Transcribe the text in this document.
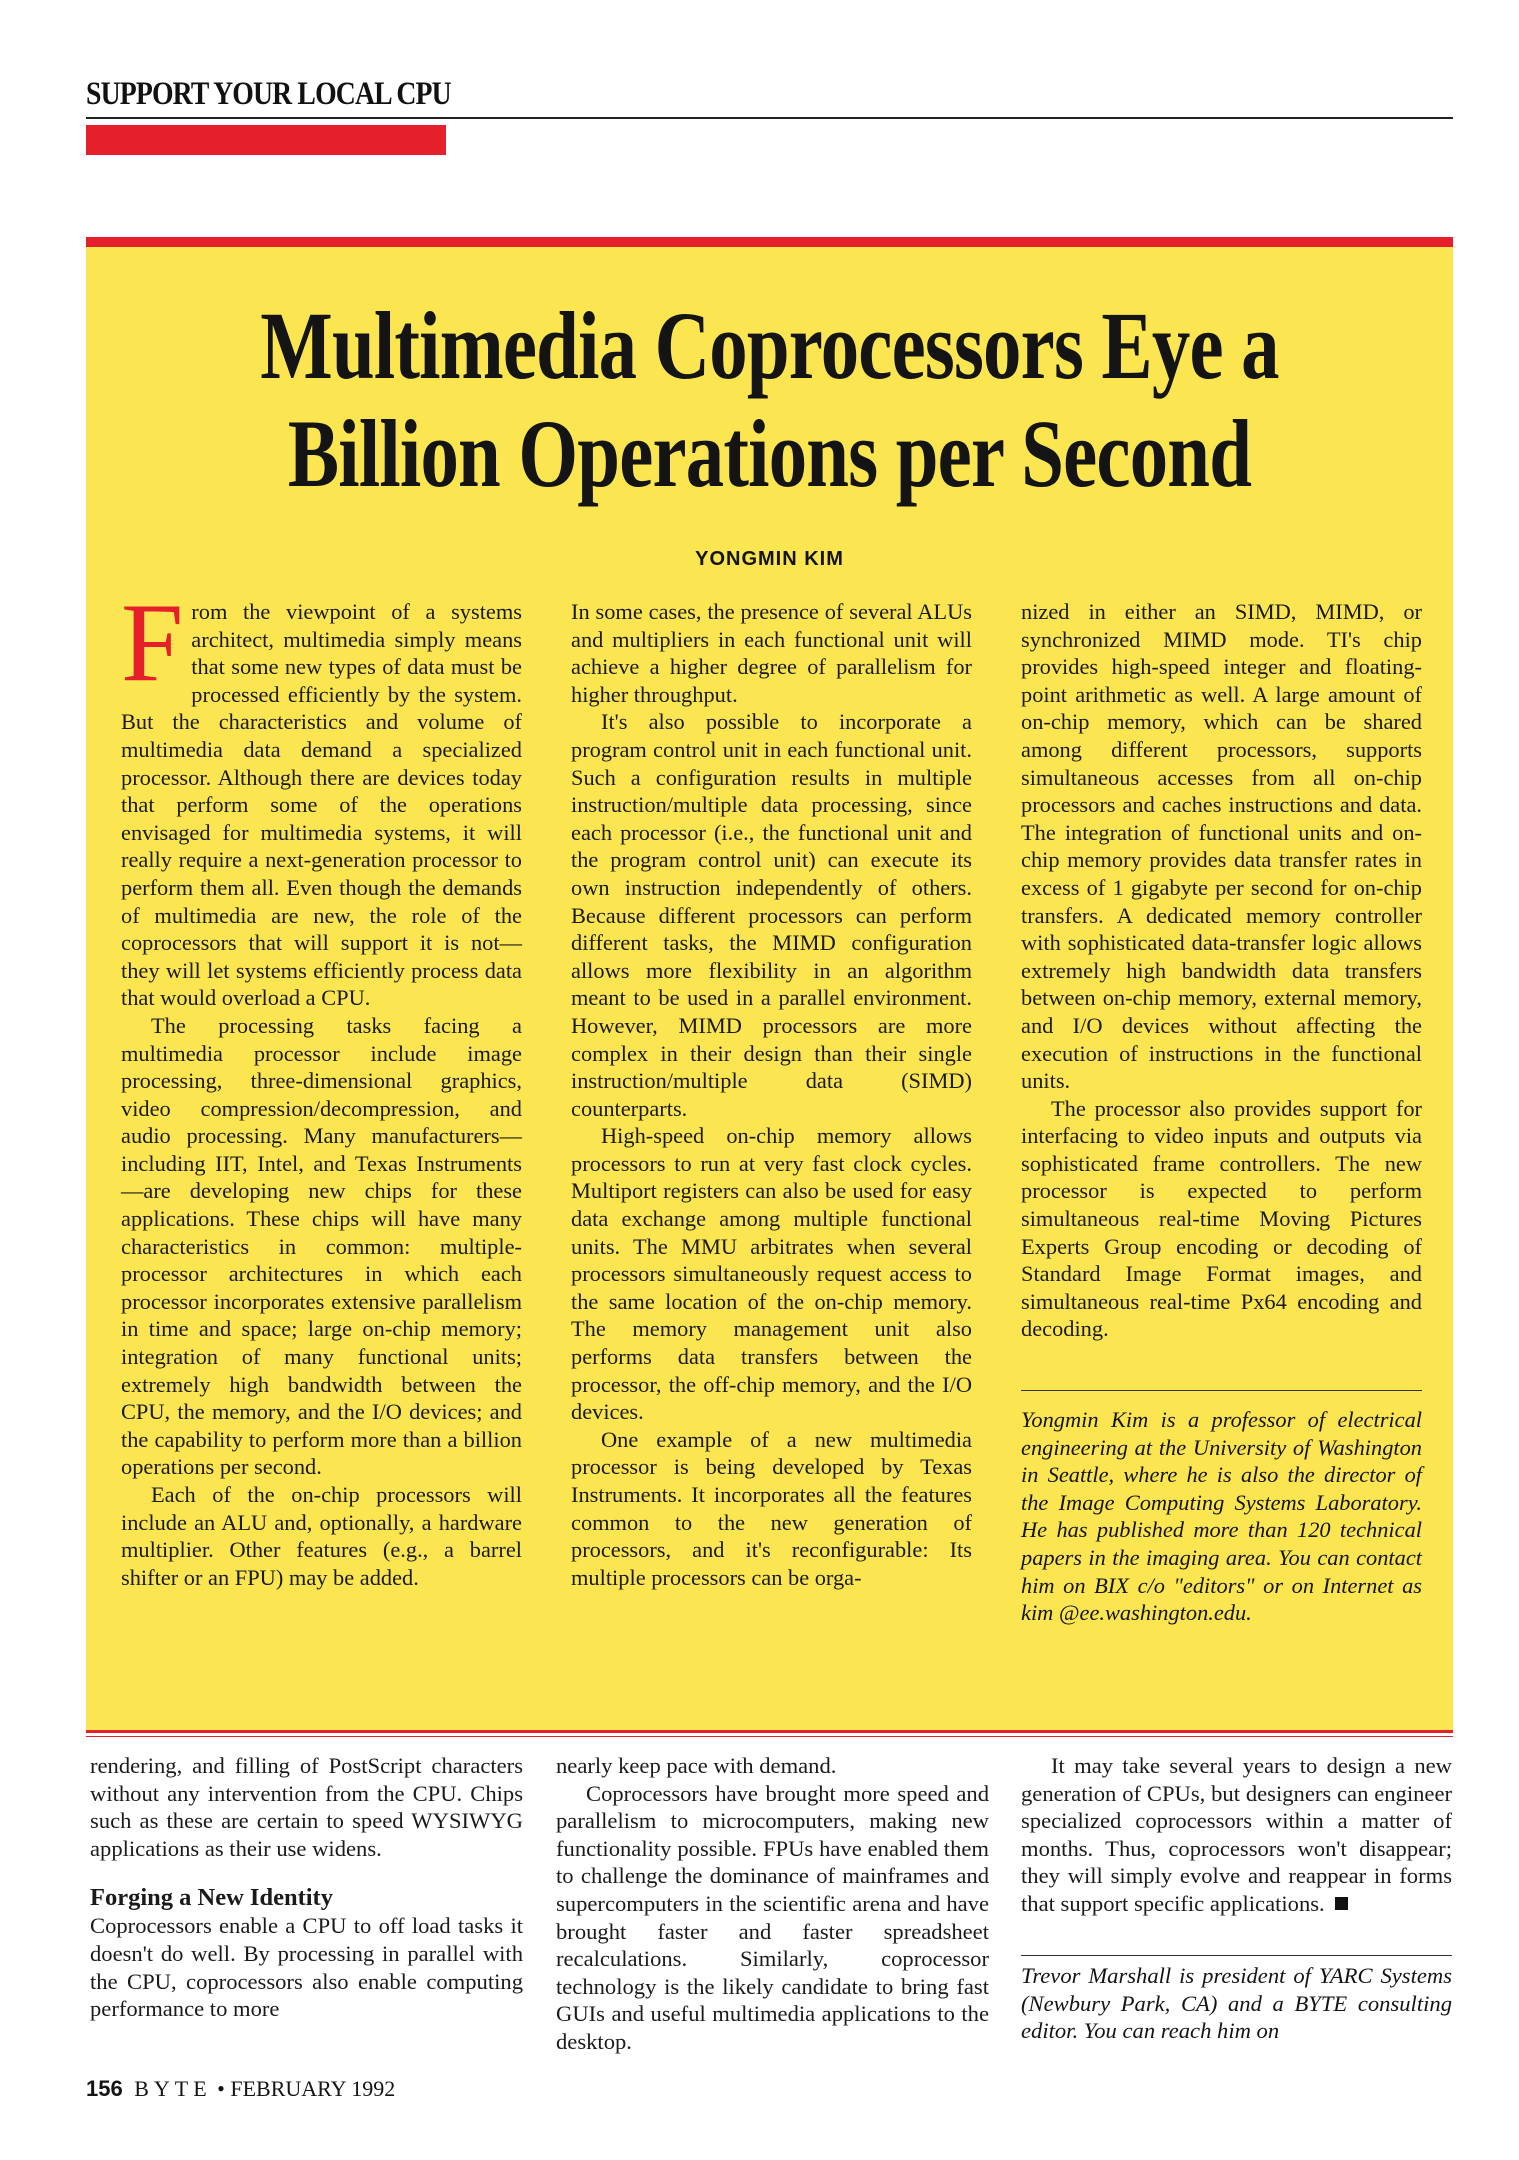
SUPPORT YOUR LOCAL CPU
Multimedia Coprocessors Eye a
Billion Operations per Second
YONGMIN KIM

From the viewpoint of a systems architect, multimedia simply means that some new types of data must be processed efficiently by the system. But the characteristics and volume of multimedia data demand a specialized processor. Although there are devices today that perform some of the operations envisaged for multimedia systems, it will really require a next-generation processor to perform them all. Even though the demands of multimedia are new, the role of the coprocessors that will support it is not—they will let systems efficiently process data that would overload a CPU.

The processing tasks facing a multimedia processor include image processing, three-dimensional graphics, video compression/decompression, and audio processing. Many manufacturers—including IIT, Intel, and Texas Instruments—are developing new chips for these applications. These chips will have many characteristics in common: multiple-processor architectures in which each processor incorporates extensive parallelism in time and space; large on-chip memory; integration of many functional units; extremely high bandwidth between the CPU, the memory, and the I/O devices; and the capability to perform more than a billion operations per second.

Each of the on-chip processors will include an ALU and, optionally, a hardware multiplier. Other features (e.g., a barrel shifter or an FPU) may be added.

In some cases, the presence of several ALUs and multipliers in each functional unit will achieve a higher degree of parallelism for higher throughput.

It's also possible to incorporate a program control unit in each functional unit. Such a configuration results in multiple instruction/multiple data processing, since each processor (i.e., the functional unit and the program control unit) can execute its own instruction independently of others. Because different processors can perform different tasks, the MIMD configuration allows more flexibility in an algorithm meant to be used in a parallel environment. However, MIMD processors are more complex in their design than their single instruction/multiple data (SIMD) counterparts.

High-speed on-chip memory allows processors to run at very fast clock cycles. Multiport registers can also be used for easy data exchange among multiple functional units. The MMU arbitrates when several processors simultaneously request access to the same location of the on-chip memory. The memory management unit also performs data transfers between the processor, the off-chip memory, and the I/O devices.

One example of a new multimedia processor is being developed by Texas Instruments. It incorporates all the features common to the new generation of processors, and it's reconfigurable: Its multiple processors can be orga-

nized in either an SIMD, MIMD, or synchronized MIMD mode. TI's chip provides high-speed integer and floating-point arithmetic as well. A large amount of on-chip memory, which can be shared among different processors, supports simultaneous accesses from all on-chip processors and caches instructions and data. The integration of functional units and on-chip memory provides data transfer rates in excess of 1 gigabyte per second for on-chip transfers. A dedicated memory controller with sophisticated data-transfer logic allows extremely high bandwidth data transfers between on-chip memory, external memory, and I/O devices without affecting the execution of instructions in the functional units.

The processor also provides support for interfacing to video inputs and outputs via sophisticated frame controllers. The new processor is expected to perform simultaneous real-time Moving Pictures Experts Group encoding or decoding of Standard Image Format images, and simultaneous real-time Px64 encoding and decoding.

Yongmin Kim is a professor of electrical engineering at the University of Washington in Seattle, where he is also the director of the Image Computing Systems Laboratory. He has published more than 120 technical papers in the imaging area. You can contact him on BIX c/o "editors" or on Internet as kim @ee.washington.edu.

rendering, and filling of PostScript characters without any intervention from the CPU. Chips such as these are certain to speed WYSIWYG applications as their use widens.

Forging a New Identity

Coprocessors enable a CPU to off load tasks it doesn't do well. By processing in parallel with the CPU, coprocessors also enable computing performance to more

nearly keep pace with demand.

Coprocessors have brought more speed and parallelism to microcomputers, making new functionality possible. FPUs have enabled them to challenge the dominance of mainframes and supercomputers in the scientific arena and have brought faster and faster spreadsheet recalculations. Similarly, coprocessor technology is the likely candidate to bring fast GUIs and useful multimedia applications to the desktop.

It may take several years to design a new generation of CPUs, but designers can engineer specialized coprocessors within a matter of months. Thus, coprocessors won't disappear; they will simply evolve and reappear in forms that support specific applications.

Trevor Marshall is president of YARC Systems (Newbury Park, CA) and a BYTE consulting editor. You can reach him on
156 BYTE • FEBRUARY 1992
